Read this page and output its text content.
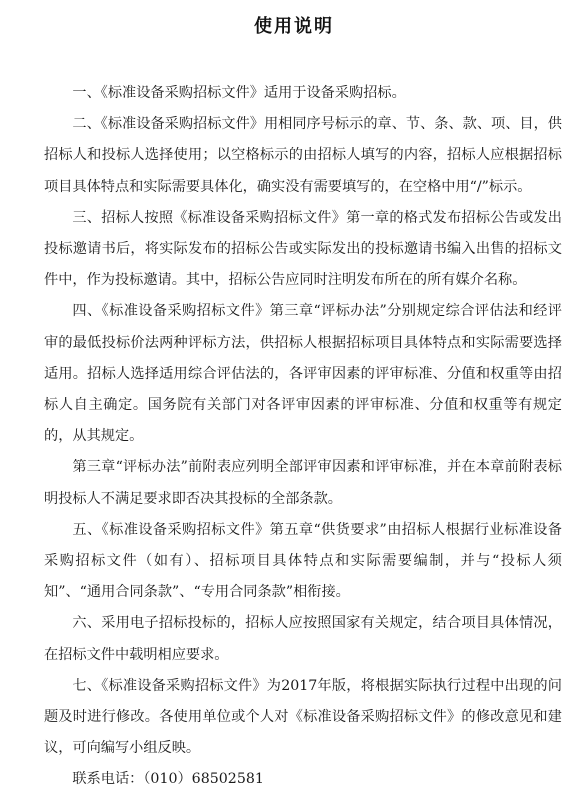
使用说明

一、《标准设备采购招标文件》适用于设备采购招标。

二、《标准设备采购招标文件》用相同序号标示的章、节、条、款、项、目，供招标人和投标人选择使用；以空格标示的由招标人填写的内容，招标人应根据招标项目具体特点和实际需要具体化，确实没有需要填写的，在空格中用“/”标示。

三、招标人按照《标准设备采购招标文件》第一章的格式发布招标公告或发出投标邀请书后，将实际发布的招标公告或实际发出的投标邀请书编入出售的招标文件中，作为投标邀请。其中，招标公告应同时注明发布所在的所有媒介名称。

四、《标准设备采购招标文件》第三章“评标办法”分别规定综合评估法和经评审的最低投标价法两种评标方法，供招标人根据招标项目具体特点和实际需要选择适用。招标人选择适用综合评估法的，各评审因素的评审标准、分值和权重等由招标人自主确定。国务院有关部门对各评审因素的评审标准、分值和权重等有规定的，从其规定。

第三章“评标办法”前附表应列明全部评审因素和评审标准，并在本章前附表标明投标人不满足要求即否决其投标的全部条款。

五、《标准设备采购招标文件》第五章“供货要求”由招标人根据行业标准设备采购招标文件（如有）、招标项目具体特点和实际需要编制，并与“投标人须知”、“通用合同条款”、“专用合同条款”相衔接。

六、采用电子招标投标的，招标人应按照国家有关规定，结合项目具体情况，在招标文件中载明相应要求。

七、《标准设备采购招标文件》为2017年版，将根据实际执行过程中出现的问题及时进行修改。各使用单位或个人对《标准设备采购招标文件》的修改意见和建议，可向编写小组反映。

联系电话：（010）68502581
